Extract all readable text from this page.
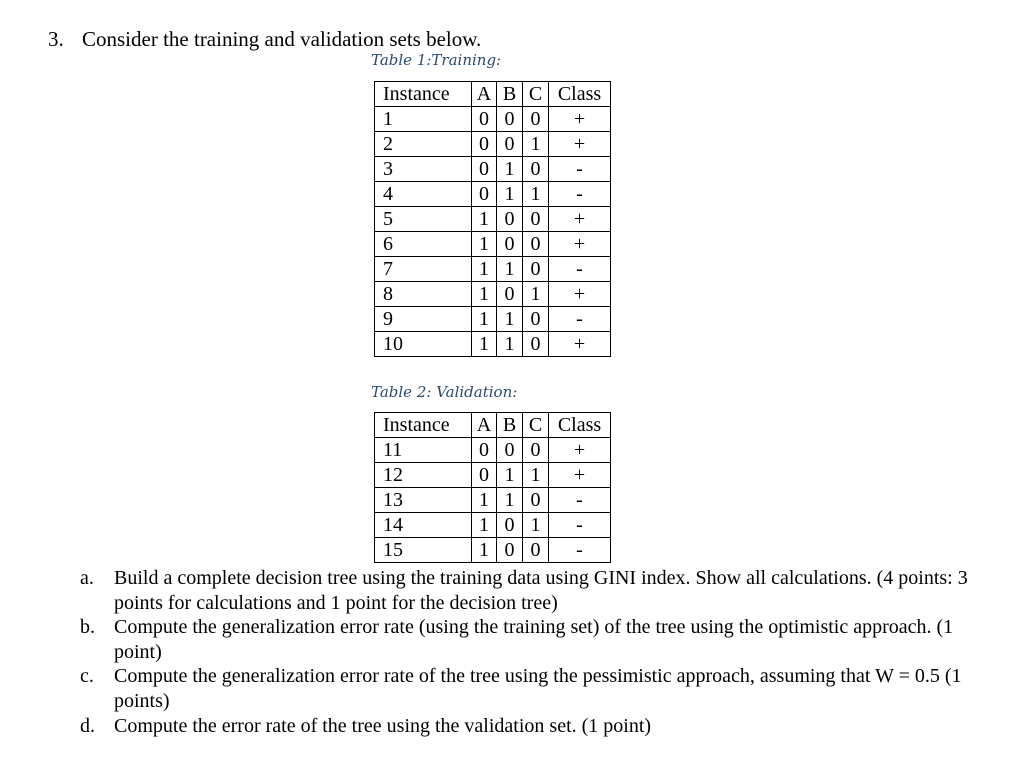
3. Consider the training and validation sets below.
Table 1:Training:
Instance	A	B	C	Class
1	0	0	0	+
2	0	0	1	+
3	0	1	0	-
4	0	1	1	-
5	1	0	0	+
6	1	0	0	+
7	1	1	0	-
8	1	0	1	+
9	1	1	0	-
10	1	1	0	+
Table 2: Validation:
Instance	A	B	C	Class
11	0	0	0	+
12	0	1	1	+
13	1	1	0	-
14	1	0	1	-
15	1	0	0	-
a. Build a complete decision tree using the training data using GINI index. Show all calculations. (4 points: 3 points for calculations and 1 point for the decision tree)
b. Compute the generalization error rate (using the training set) of the tree using the optimistic approach. (1 point)
c. Compute the generalization error rate of the tree using the pessimistic approach, assuming that W = 0.5 (1 points)
d. Compute the error rate of the tree using the validation set. (1 point)
